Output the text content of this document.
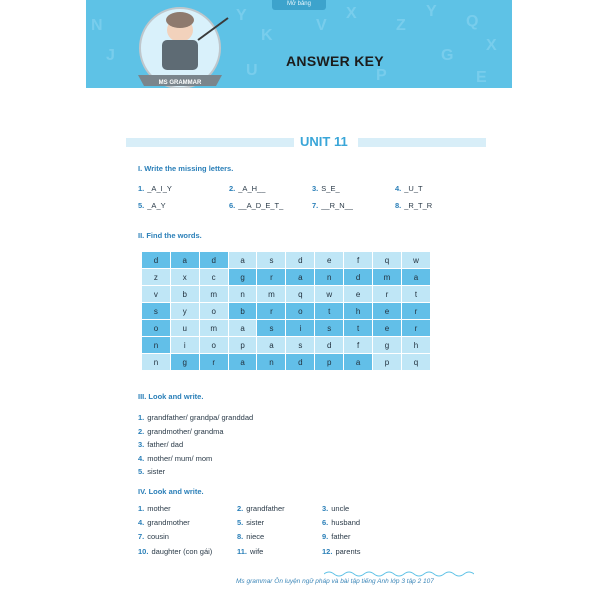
Y
K
X
Z
Y
Q
X
G
U
N
J
V
P	E
Mở bảng
MS GRAMMAR
ANSWER KEY
UNIT 11
I. Write the missing letters.
1. _A_I_Y	2. _A_H__	3. S_E_	4. _U_T
5. _A_Y	6. __A_D_E_T_	7. __R_N__	8. _R_T_R
II. Find the words.
d	a	d	a	s	d	e	f	q	w
z	x	c	g	r	a	n	d	m	a
v	b	m	n	m	q	w	e	r	t
s	y	o	b	r	o	t	h	e	r
o	u	m	a	s	i	s	t	e	r
n	i	o	p	a	s	d	f	g	h
n	g	r	a	n	d	p	a	p	q
III. Look and write.
1. grandfather/ grandpa/ granddad
2. grandmother/ grandma
3. father/ dad
4. mother/ mum/ mom
5. sister
IV. Look and write.
1. mother	2. grandfather	3. uncle
4. grandmother	5. sister	6. husband
7. cousin	8. niece	9. father
10. daughter (con gái)	11. wife	12. parents
Ms grammar Ôn luyện ngữ pháp và bài tập tiếng Anh lớp 3 tập 2 107
